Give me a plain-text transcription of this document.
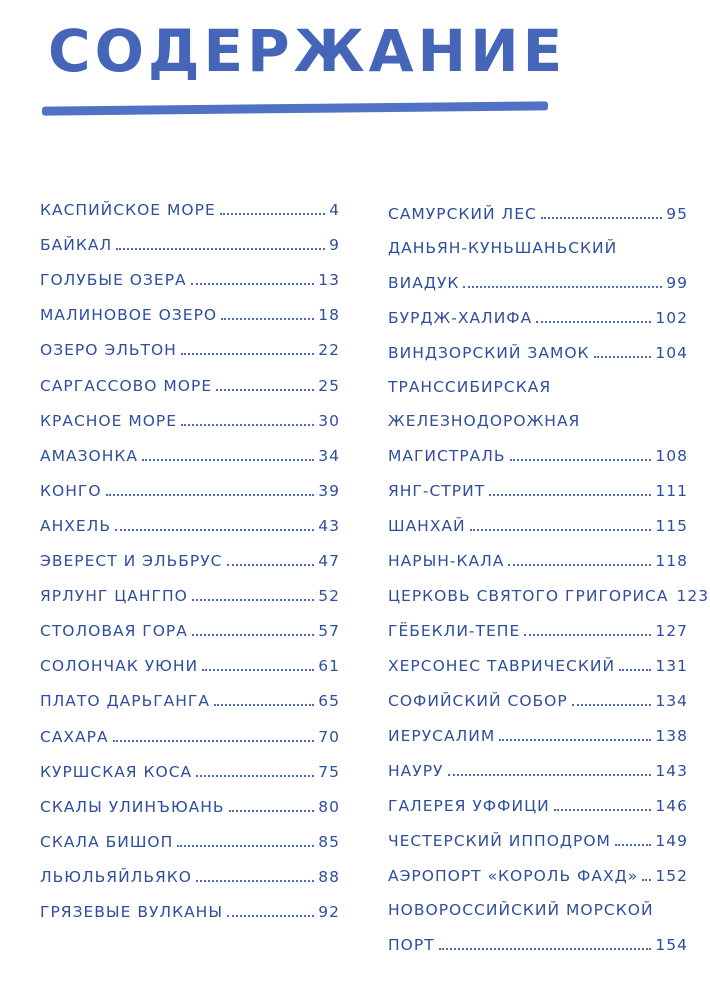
СОДЕРЖАНИЕ
КАСПИЙСКОЕ МОРЕ	4
БАЙКАЛ	9
ГОЛУБЫЕ ОЗЕРА	13
МАЛИНОВОЕ ОЗЕРО	18
ОЗЕРО ЭЛЬТОН	22
САРГАССОВО МОРЕ	25
КРАСНОЕ МОРЕ	30
АМАЗОНКА	34
КОНГО	39
АНХЕЛЬ	43
ЭВЕРЕСТ И ЭЛЬБРУС	47
ЯРЛУНГ ЦАНГПО	52
СТОЛОВАЯ ГОРА	57
СОЛОНЧАК УЮНИ	61
ПЛАТО ДАРЬГАНГА	65
САХАРА	70
КУРШСКАЯ КОСА	75
СКАЛЫ УЛИНЪЮАНЬ	80
СКАЛА БИШОП	85
ЛЬЮЛЬЯЙЛЬЯКО	88
ГРЯЗЕВЫЕ ВУЛКАНЫ	92
САМУРСКИЙ ЛЕС	95
ДАНЬЯН-КУНЬШАНЬСКИЙ
ВИАДУК	99
БУРДЖ-ХАЛИФА	102
ВИНДЗОРСКИЙ ЗАМОК	104
ТРАНССИБИРСКАЯ
ЖЕЛЕЗНОДОРОЖНАЯ
МАГИСТРАЛЬ	108
ЯНГ-СТРИТ	111
ШАНХАЙ	115
НАРЫН-КАЛА	118
ЦЕРКОВЬ СВЯТОГО ГРИГОРИСА 123
ГЁБЕКЛИ-ТЕПЕ	127
ХЕРСОНЕС ТАВРИЧЕСКИЙ	131
СОФИЙСКИЙ СОБОР	134
ИЕРУСАЛИМ	138
НАУРУ	143
ГАЛЕРЕЯ УФФИЦИ	146
ЧЕСТЕРСКИЙ ИППОДРОМ	149
АЭРОПОРТ «КОРОЛЬ ФАХД» 152
НОВОРОССИЙСКИЙ МОРСКОЙ
ПОРТ	154
